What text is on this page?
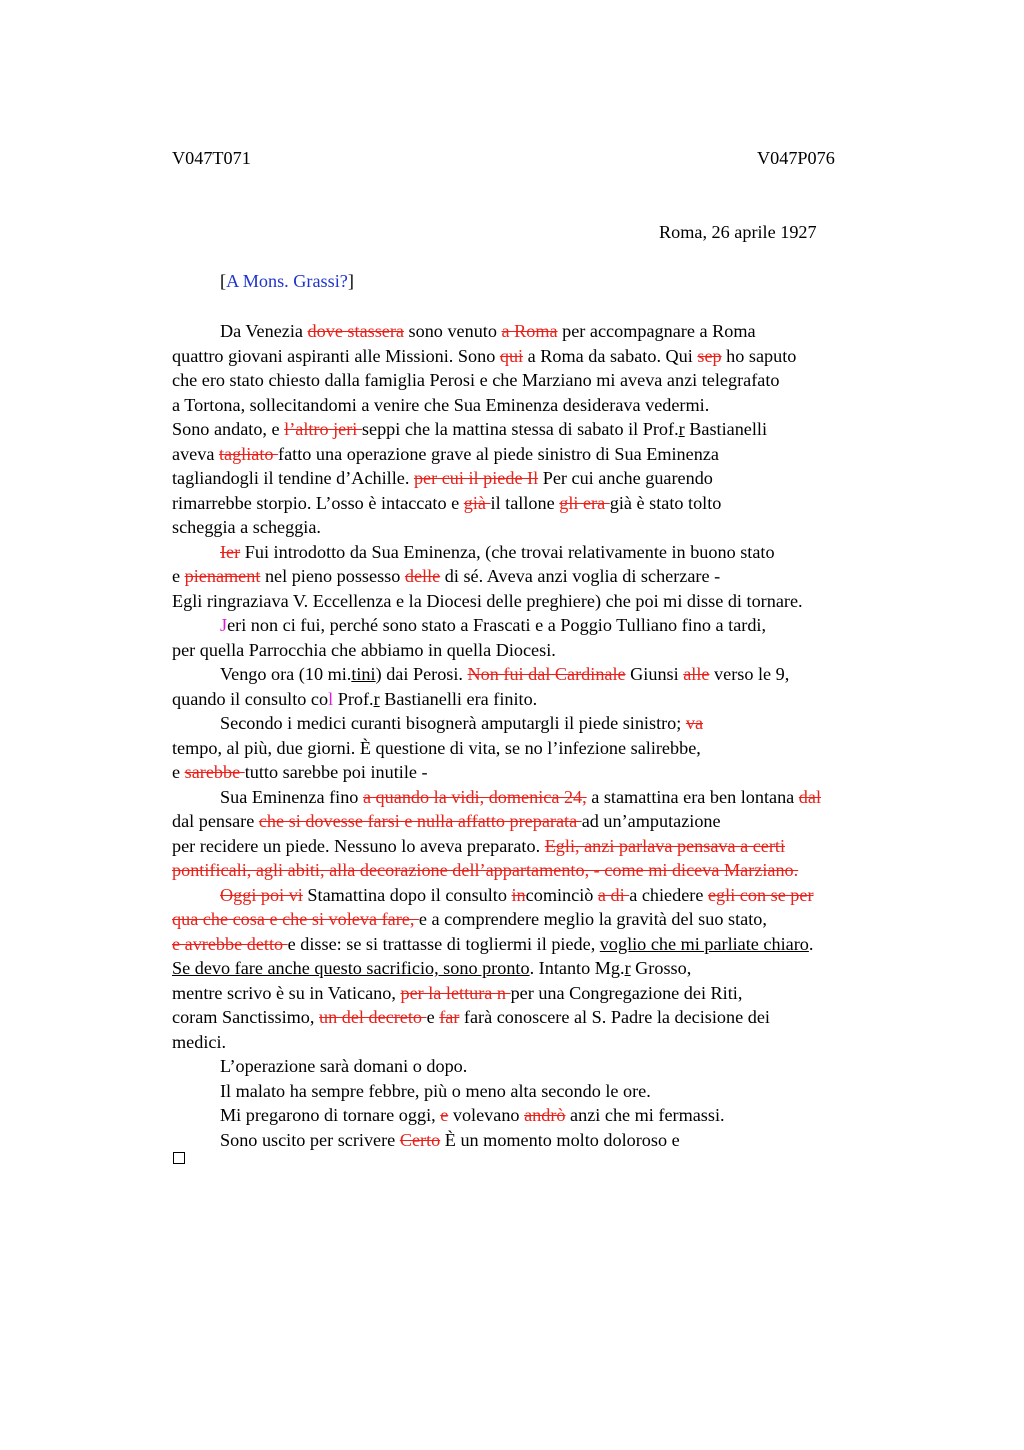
V047T071	V047P076
Roma, 26 aprile 1927
[A Mons. Grassi?]
Da Venezia dove stassera sono venuto a Roma per accompagnare a Roma
quattro giovani aspiranti alle Missioni. Sono qui a Roma da sabato. Qui sep ho saputo
che ero stato chiesto dalla famiglia Perosi e che Marziano mi aveva anzi telegrafato
a Tortona, sollecitandomi a venire che Sua Eminenza desiderava vedermi.
Sono andato, e l’altro jeri seppi che la mattina stessa di sabato il Prof.r Bastianelli
aveva tagliato fatto una operazione grave al piede sinistro di Sua Eminenza
tagliandogli il tendine d’Achille. per cui il piede Il Per cui anche guarendo
rimarrebbe storpio. L’osso è intaccato e già il tallone gli era già è stato tolto
scheggia a scheggia.
Ier Fui introdotto da Sua Eminenza, (che trovai relativamente in buono stato
e pienament nel pieno possesso delle di sé. Aveva anzi voglia di scherzare -
Egli ringraziava V. Eccellenza e la Diocesi delle preghiere) che poi mi disse di tornare.
Jeri non ci fui, perché sono stato a Frascati e a Poggio Tulliano fino a tardi,
per quella Parrocchia che abbiamo in quella Diocesi.
Vengo ora (10 mi.tini) dai Perosi. Non fui dal Cardinale Giunsi alle verso le 9,
quando il consulto col Prof.r Bastianelli era finito.
Secondo i medici curanti bisognerà amputargli il piede sinistro; va
tempo, al più, due giorni. È questione di vita, se no l’infezione salirebbe,
e sarebbe tutto sarebbe poi inutile -
Sua Eminenza fino a quando la vidi, domenica 24, a stamattina era ben lontana dal
dal pensare che si dovesse farsi e nulla affatto preparata ad un’amputazione
per recidere un piede. Nessuno lo aveva preparato. Egli, anzi parlava pensava a certi
pontificali, agli abiti, alla decorazione dell’appartamento, - come mi diceva Marziano.
Oggi poi vi Stamattina dopo il consulto incominciò a di a chiedere egli con se per
qua che cosa e che si voleva fare, e a comprendere meglio la gravità del suo stato,
e avrebbe detto e disse: se si trattasse di togliermi il piede, voglio che mi parliate chiaro.
Se devo fare anche questo sacrificio, sono pronto. Intanto Mg.r Grosso,
mentre scrivo è su in Vaticano, per la lettura n per una Congregazione dei Riti,
coram Sanctissimo, un del decreto e far farà conoscere al S. Padre la decisione dei
medici.
L’operazione sarà domani o dopo.
Il malato ha sempre febbre, più o meno alta secondo le ore.
Mi pregarono di tornare oggi, e volevano andrò anzi che mi fermassi.
Sono uscito per scrivere Certo È un momento molto doloroso e
